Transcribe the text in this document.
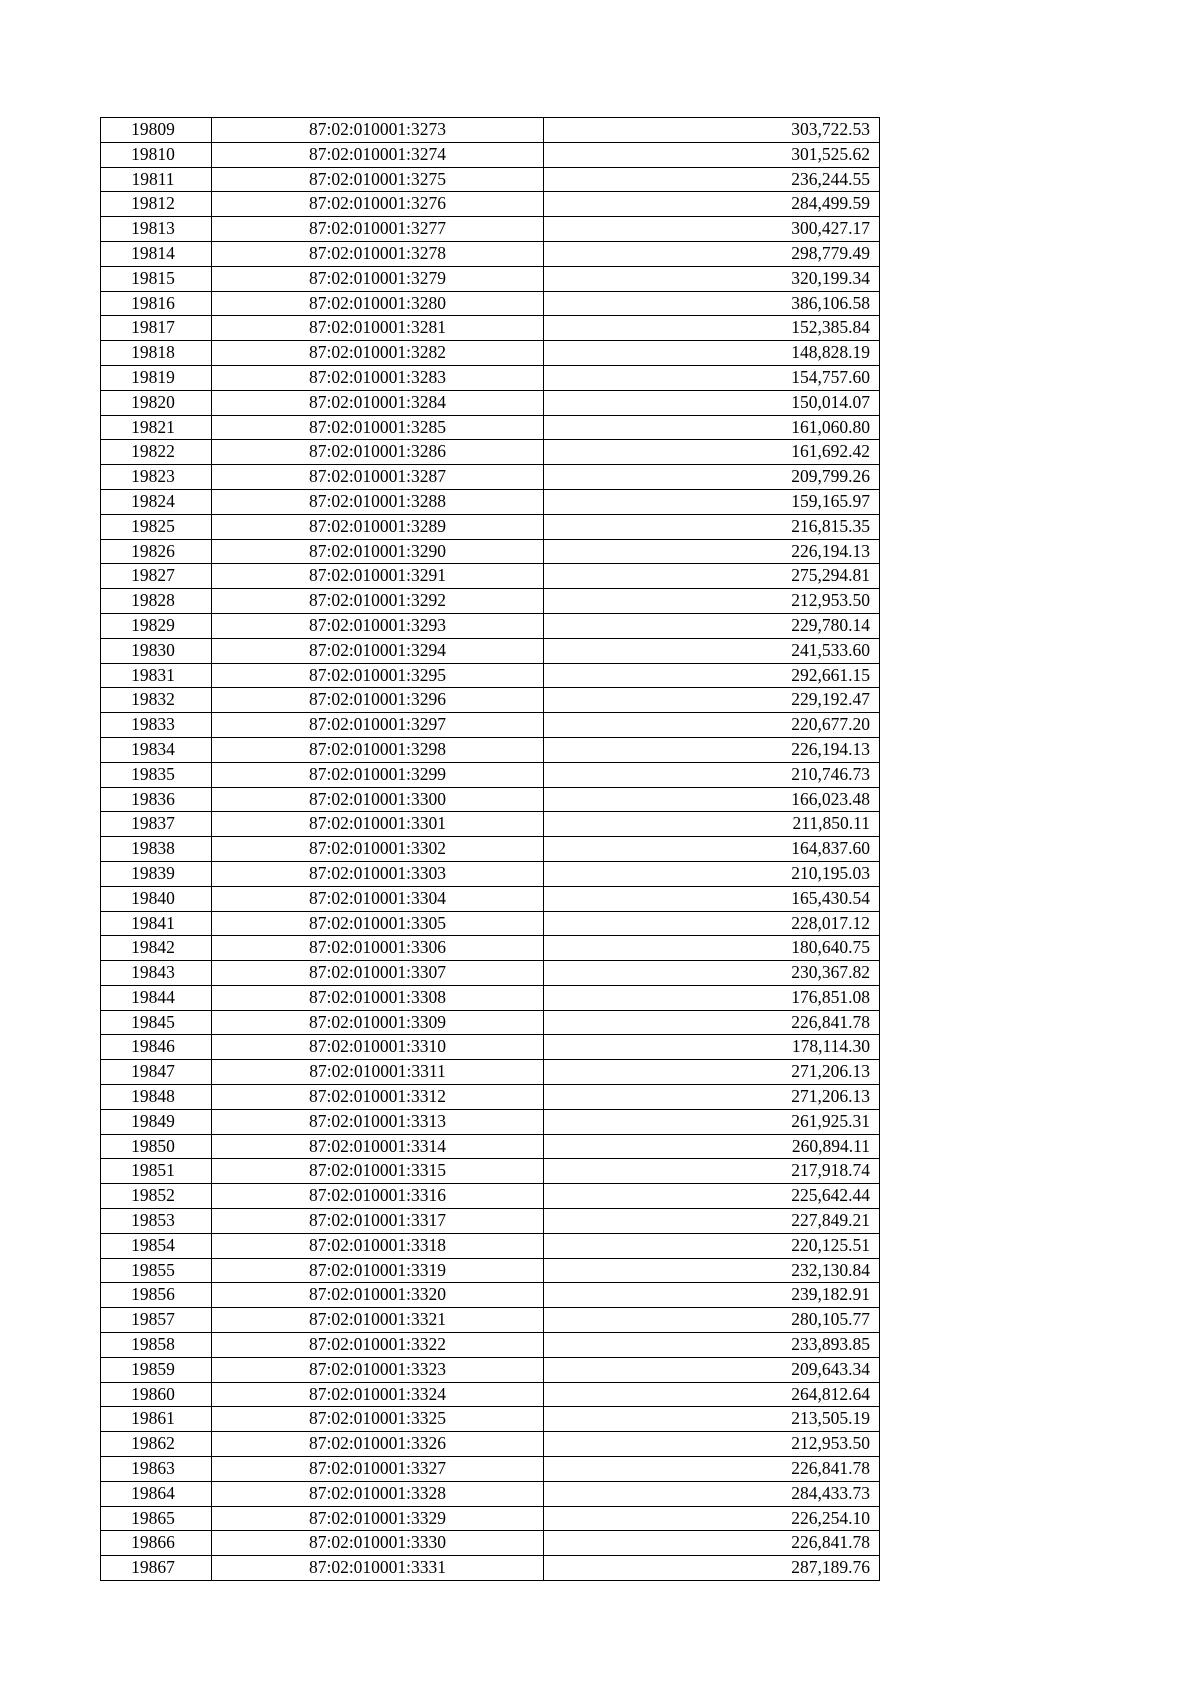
19809	87:02:010001:3273	303,722.53
19810	87:02:010001:3274	301,525.62
19811	87:02:010001:3275	236,244.55
19812	87:02:010001:3276	284,499.59
19813	87:02:010001:3277	300,427.17
19814	87:02:010001:3278	298,779.49
19815	87:02:010001:3279	320,199.34
19816	87:02:010001:3280	386,106.58
19817	87:02:010001:3281	152,385.84
19818	87:02:010001:3282	148,828.19
19819	87:02:010001:3283	154,757.60
19820	87:02:010001:3284	150,014.07
19821	87:02:010001:3285	161,060.80
19822	87:02:010001:3286	161,692.42
19823	87:02:010001:3287	209,799.26
19824	87:02:010001:3288	159,165.97
19825	87:02:010001:3289	216,815.35
19826	87:02:010001:3290	226,194.13
19827	87:02:010001:3291	275,294.81
19828	87:02:010001:3292	212,953.50
19829	87:02:010001:3293	229,780.14
19830	87:02:010001:3294	241,533.60
19831	87:02:010001:3295	292,661.15
19832	87:02:010001:3296	229,192.47
19833	87:02:010001:3297	220,677.20
19834	87:02:010001:3298	226,194.13
19835	87:02:010001:3299	210,746.73
19836	87:02:010001:3300	166,023.48
19837	87:02:010001:3301	211,850.11
19838	87:02:010001:3302	164,837.60
19839	87:02:010001:3303	210,195.03
19840	87:02:010001:3304	165,430.54
19841	87:02:010001:3305	228,017.12
19842	87:02:010001:3306	180,640.75
19843	87:02:010001:3307	230,367.82
19844	87:02:010001:3308	176,851.08
19845	87:02:010001:3309	226,841.78
19846	87:02:010001:3310	178,114.30
19847	87:02:010001:3311	271,206.13
19848	87:02:010001:3312	271,206.13
19849	87:02:010001:3313	261,925.31
19850	87:02:010001:3314	260,894.11
19851	87:02:010001:3315	217,918.74
19852	87:02:010001:3316	225,642.44
19853	87:02:010001:3317	227,849.21
19854	87:02:010001:3318	220,125.51
19855	87:02:010001:3319	232,130.84
19856	87:02:010001:3320	239,182.91
19857	87:02:010001:3321	280,105.77
19858	87:02:010001:3322	233,893.85
19859	87:02:010001:3323	209,643.34
19860	87:02:010001:3324	264,812.64
19861	87:02:010001:3325	213,505.19
19862	87:02:010001:3326	212,953.50
19863	87:02:010001:3327	226,841.78
19864	87:02:010001:3328	284,433.73
19865	87:02:010001:3329	226,254.10
19866	87:02:010001:3330	226,841.78
19867	87:02:010001:3331	287,189.76
